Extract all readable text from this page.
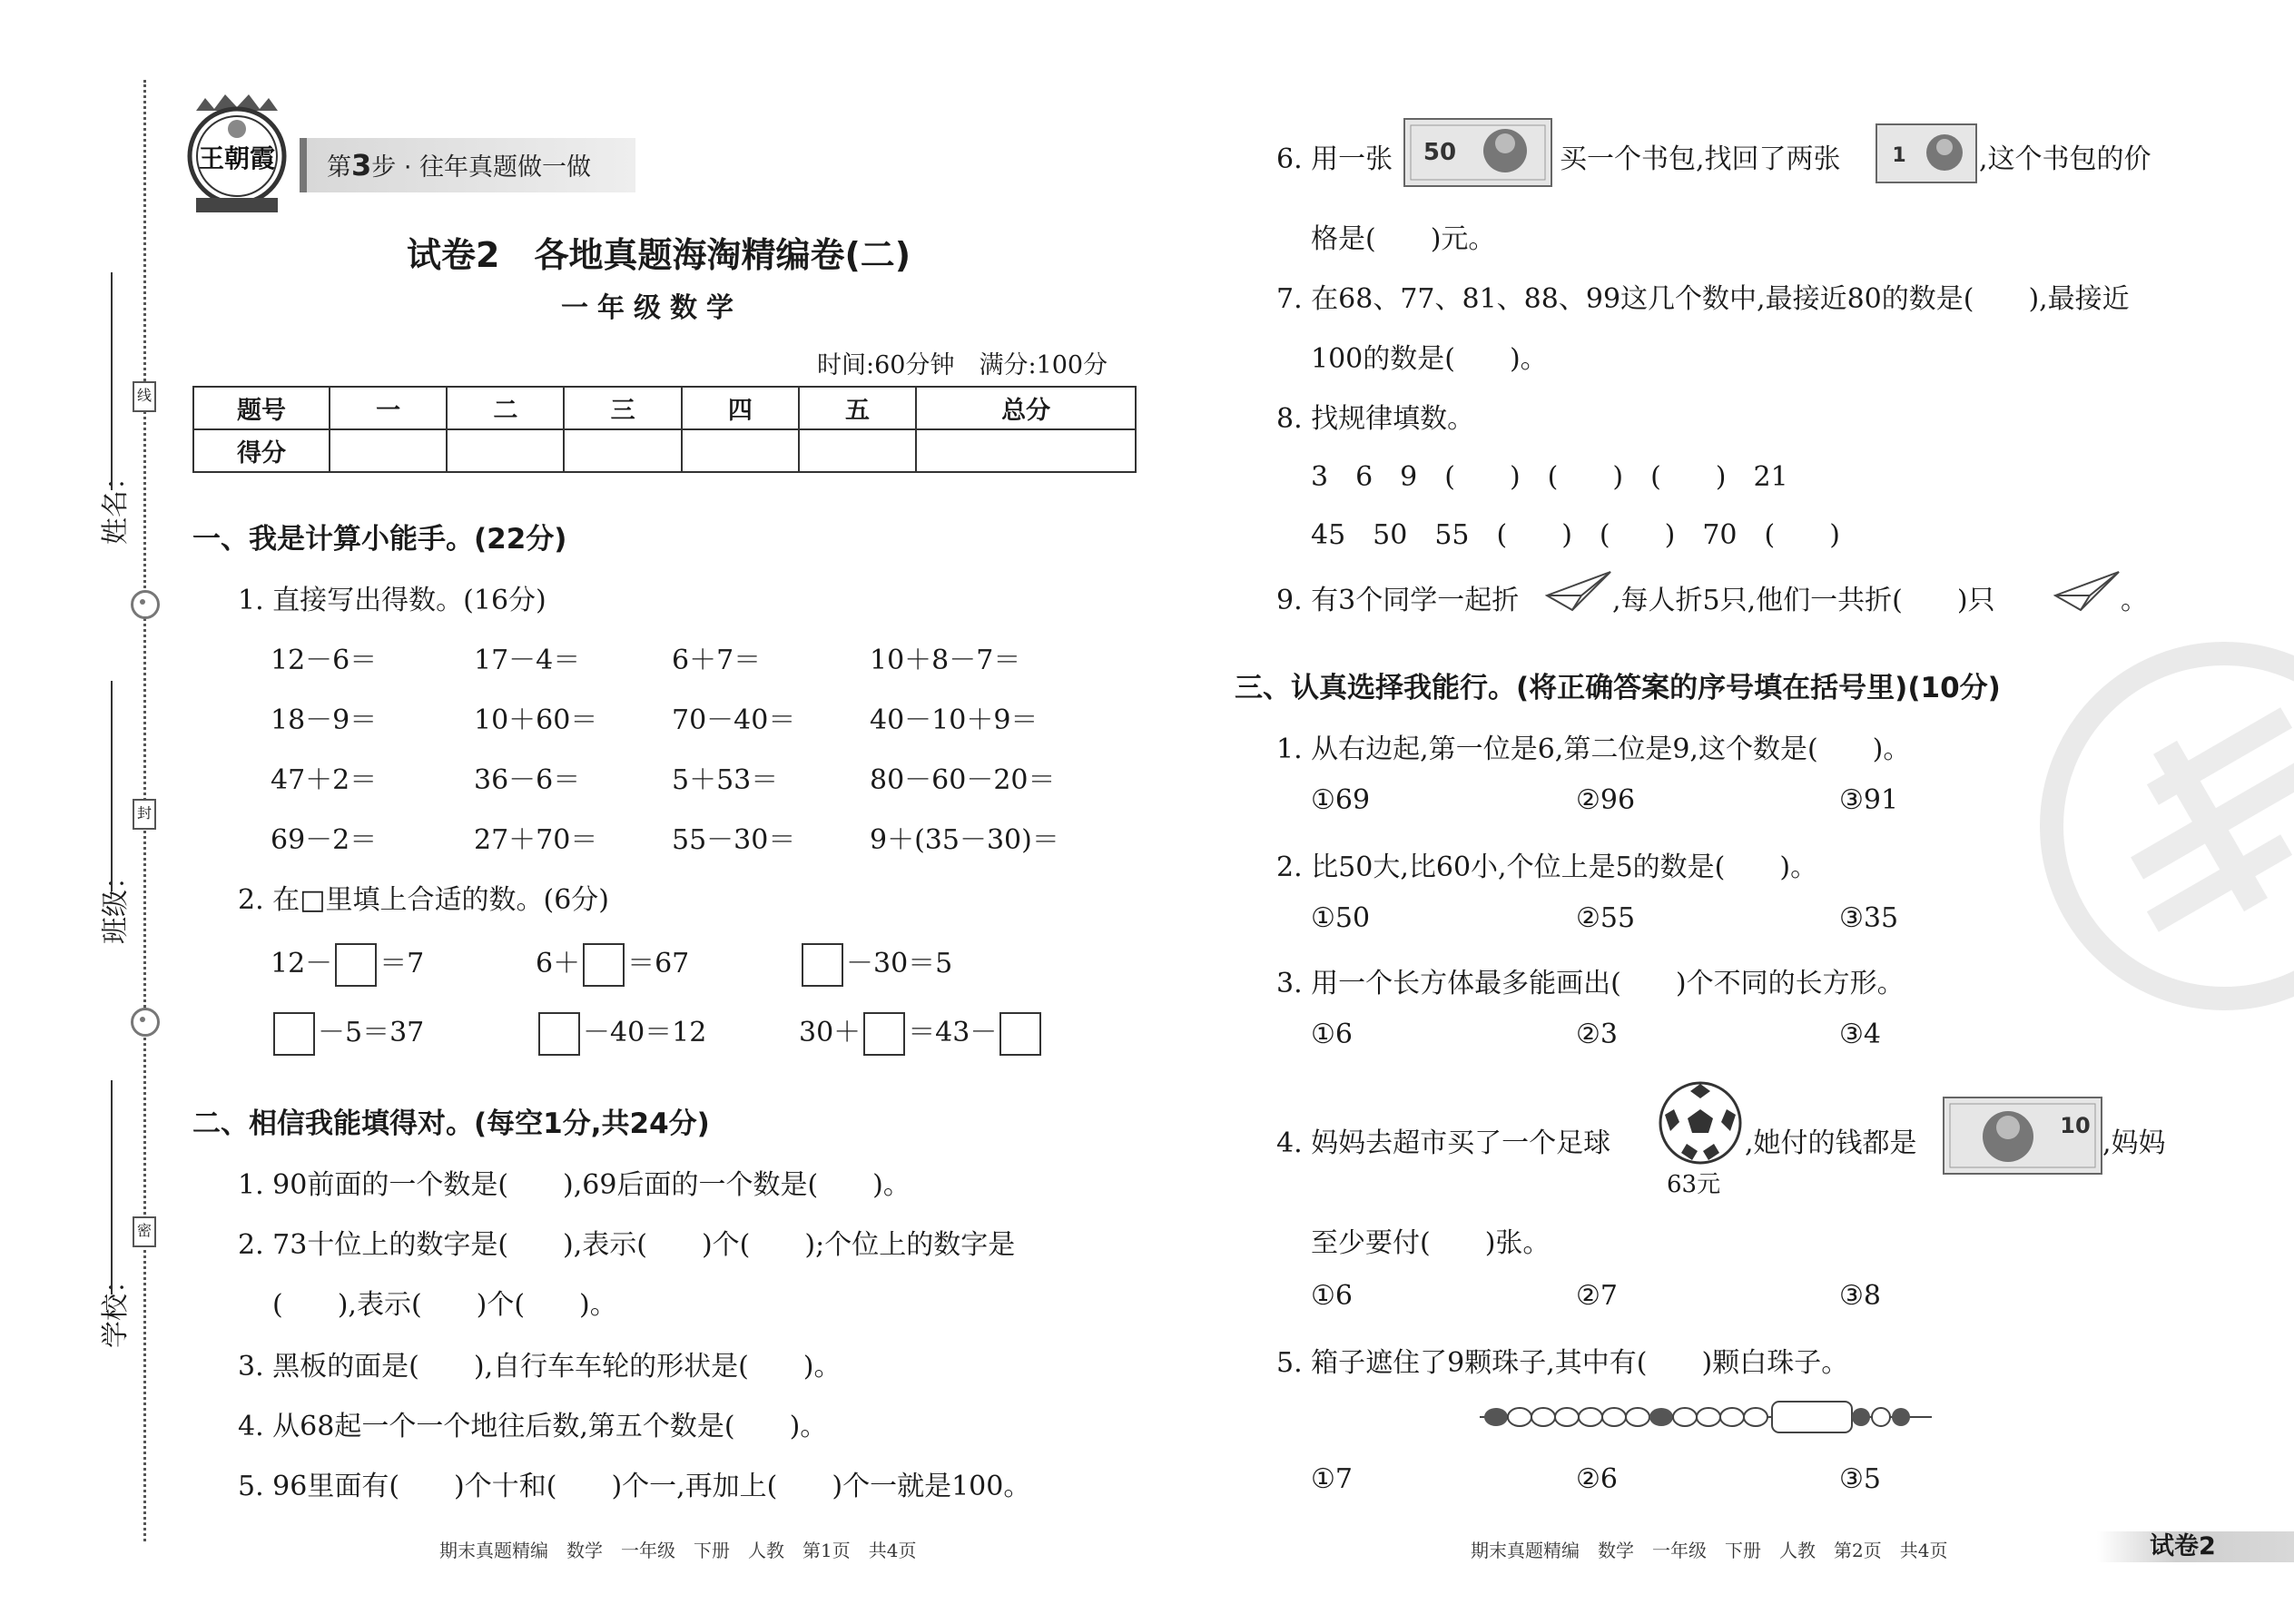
姓名：
班级：
学校：
线
封
密
王朝霞	第3步 · 往年真题做一做
试卷2　各地真题海淘精编卷(二)
一年级数学
时间:60分钟　满分:100分
题号	一	二	三	四	五	总分
得分						
一、我是计算小能手。(22分)
1. 直接写出得数。(16分)
12－6＝	17－4＝	6＋7＝	10＋8－7＝
18－9＝	10＋60＝	70－40＝	40－10＋9＝
47＋2＝	36－6＝	5＋53＝	80－60－20＝
69－2＝	27＋70＝	55－30＝	9＋(35－30)＝
2. 在□里填上合适的数。(6分)
12－ ＝7	6＋ ＝67	－30＝5
－5＝37	－40＝12	30＋ ＝43－
二、相信我能填得对。(每空1分,共24分)
1. 90前面的一个数是(　　),69后面的一个数是(　　)。
2. 73十位上的数字是(　　),表示(　　)个(　　);个位上的数字是
(　　),表示(　　)个(　　)。
3. 黑板的面是(　　),自行车车轮的形状是(　　)。
4. 从68起一个一个地往后数,第五个数是(　　)。
5. 96里面有(　　)个十和(　　)个一,再加上(　　)个一就是100。
6. 用一张 50	买一个书包,找回了两张	1	,这个书包的价
格是(　　)元。
7. 在68、77、81、88、99这几个数中,最接近80的数是(　　),最接近
100的数是(　　)。
8. 找规律填数。
3　6　9　(　　)　(　　)　(　　)　21
45　50　55　(　　)　(　　)　70　(　　)
9. 有3个同学一起折	,每人折5只,他们一共折(　　)只	。
三、认真选择我能行。(将正确答案的序号填在括号里)(10分)
1. 从右边起,第一位是6,第二位是9,这个数是(　　)。
①69	②96	③91
2. 比50大,比60小,个位上是5的数是(　　)。
①50	②55	③35
3. 用一个长方体最多能画出(　　)个不同的长方形。
①6	②3	③4
4. 妈妈去超市买了一个足球
63元
,她付的钱都是
10
,妈妈
至少要付(　　)张。
①6	②7	③8
5. 箱子遮住了9颗珠子,其中有(　　)颗白珠子。
①7	②6	③5
期末真题精编　数学　一年级　下册　人教　第1页　共4页	期末真题精编　数学　一年级　下册　人教　第2页　共4页	试卷2
